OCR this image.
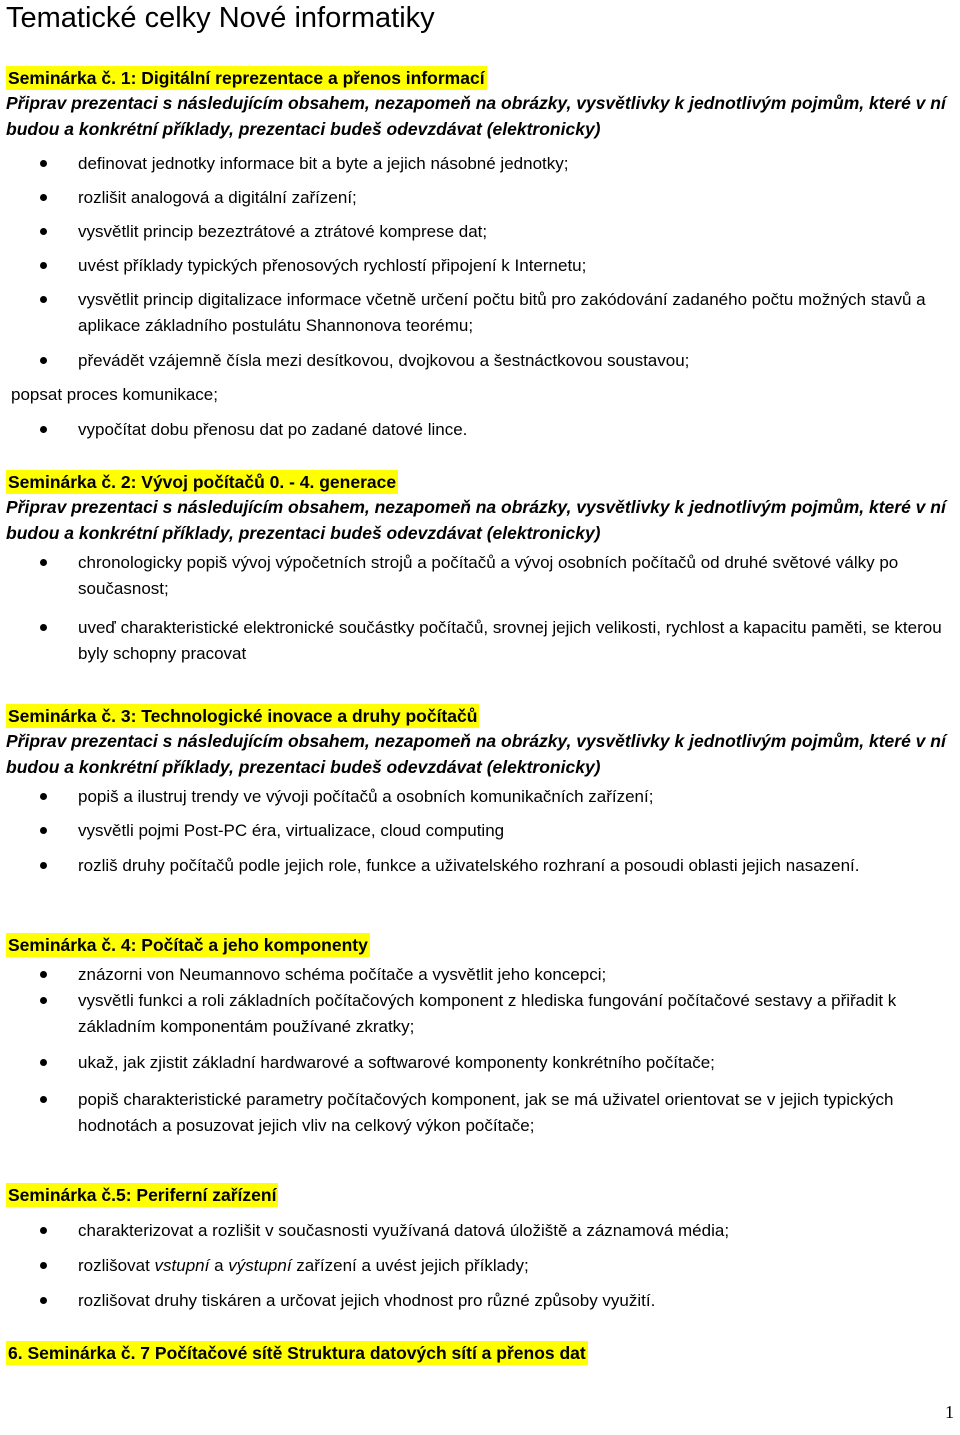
Tematické celky Nové informatiky
Seminárka č. 1: Digitální reprezentace a přenos informací

Připrav prezentaci s následujícím obsahem, nezapomeň na obrázky, vysvětlivky k jednotlivým pojmům, které v ní budou a konkrétní příklady, prezentaci budeš odevzdávat (elektronicky)

definovat jednotky informace bit a byte a jejich násobné jednotky;
rozlišit analogová a digitální zařízení;
vysvětlit princip bezeztrátové a ztrátové komprese dat;
uvést příklady typických přenosových rychlostí připojení k Internetu;
vysvětlit princip digitalizace informace včetně určení počtu bitů pro zakódování zadaného počtu možných stavů a aplikace základního postulátu Shannonova teorému;
převádět vzájemně čísla mezi desítkovou, dvojkovou a šestnáctkovou soustavou;
popsat proces komunikace;
vypočítat dobu přenosu dat po zadané datové lince.
Seminárka č. 2: Vývoj počítačů 0. - 4. generace

Připrav prezentaci s následujícím obsahem, nezapomeň na obrázky, vysvětlivky k jednotlivým pojmům, které v ní budou a konkrétní příklady, prezentaci budeš odevzdávat (elektronicky)

chronologicky popiš vývoj výpočetních strojů a počítačů a vývoj osobních počítačů od druhé světové války po současnost;
uveď charakteristické elektronické součástky počítačů, srovnej jejich velikosti, rychlost a kapacitu paměti, se kterou byly schopny pracovat
Seminárka č. 3: Technologické inovace a druhy počítačů

Připrav prezentaci s následujícím obsahem, nezapomeň na obrázky, vysvětlivky k jednotlivým pojmům, které v ní budou a konkrétní příklady, prezentaci budeš odevzdávat (elektronicky)

popiš a ilustruj trendy ve vývoji počítačů a osobních komunikačních zařízení;
vysvětli pojmi Post-PC éra, virtualizace, cloud computing
rozliš druhy počítačů podle jejich role, funkce a uživatelského rozhraní a posoudi oblasti jejich nasazení.
Seminárka č. 4: Počítač a jeho komponenty
znázorni von Neumannovo schéma počítače a vysvětlit jeho koncepci;
vysvětli funkci a roli základních počítačových komponent z hlediska fungování počítačové sestavy a přiřadit k základním komponentám používané zkratky;
ukaž, jak zjistit základní hardwarové a softwarové komponenty konkrétního počítače;
popiš charakteristické parametry počítačových komponent, jak se má uživatel orientovat se v jejich typických hodnotách a posuzovat jejich vliv na celkový výkon počítače;
Seminárka č.5: Periferní zařízení
charakterizovat a rozlišit v současnosti využívaná datová úložiště a záznamová média;
rozlišovat vstupní a výstupní zařízení a uvést jejich příklady;
rozlišovat druhy tiskáren a určovat jejich vhodnost pro různé způsoby využití.
6. Seminárka č. 7 Počítačové sítě Struktura datových sítí a přenos dat
1
